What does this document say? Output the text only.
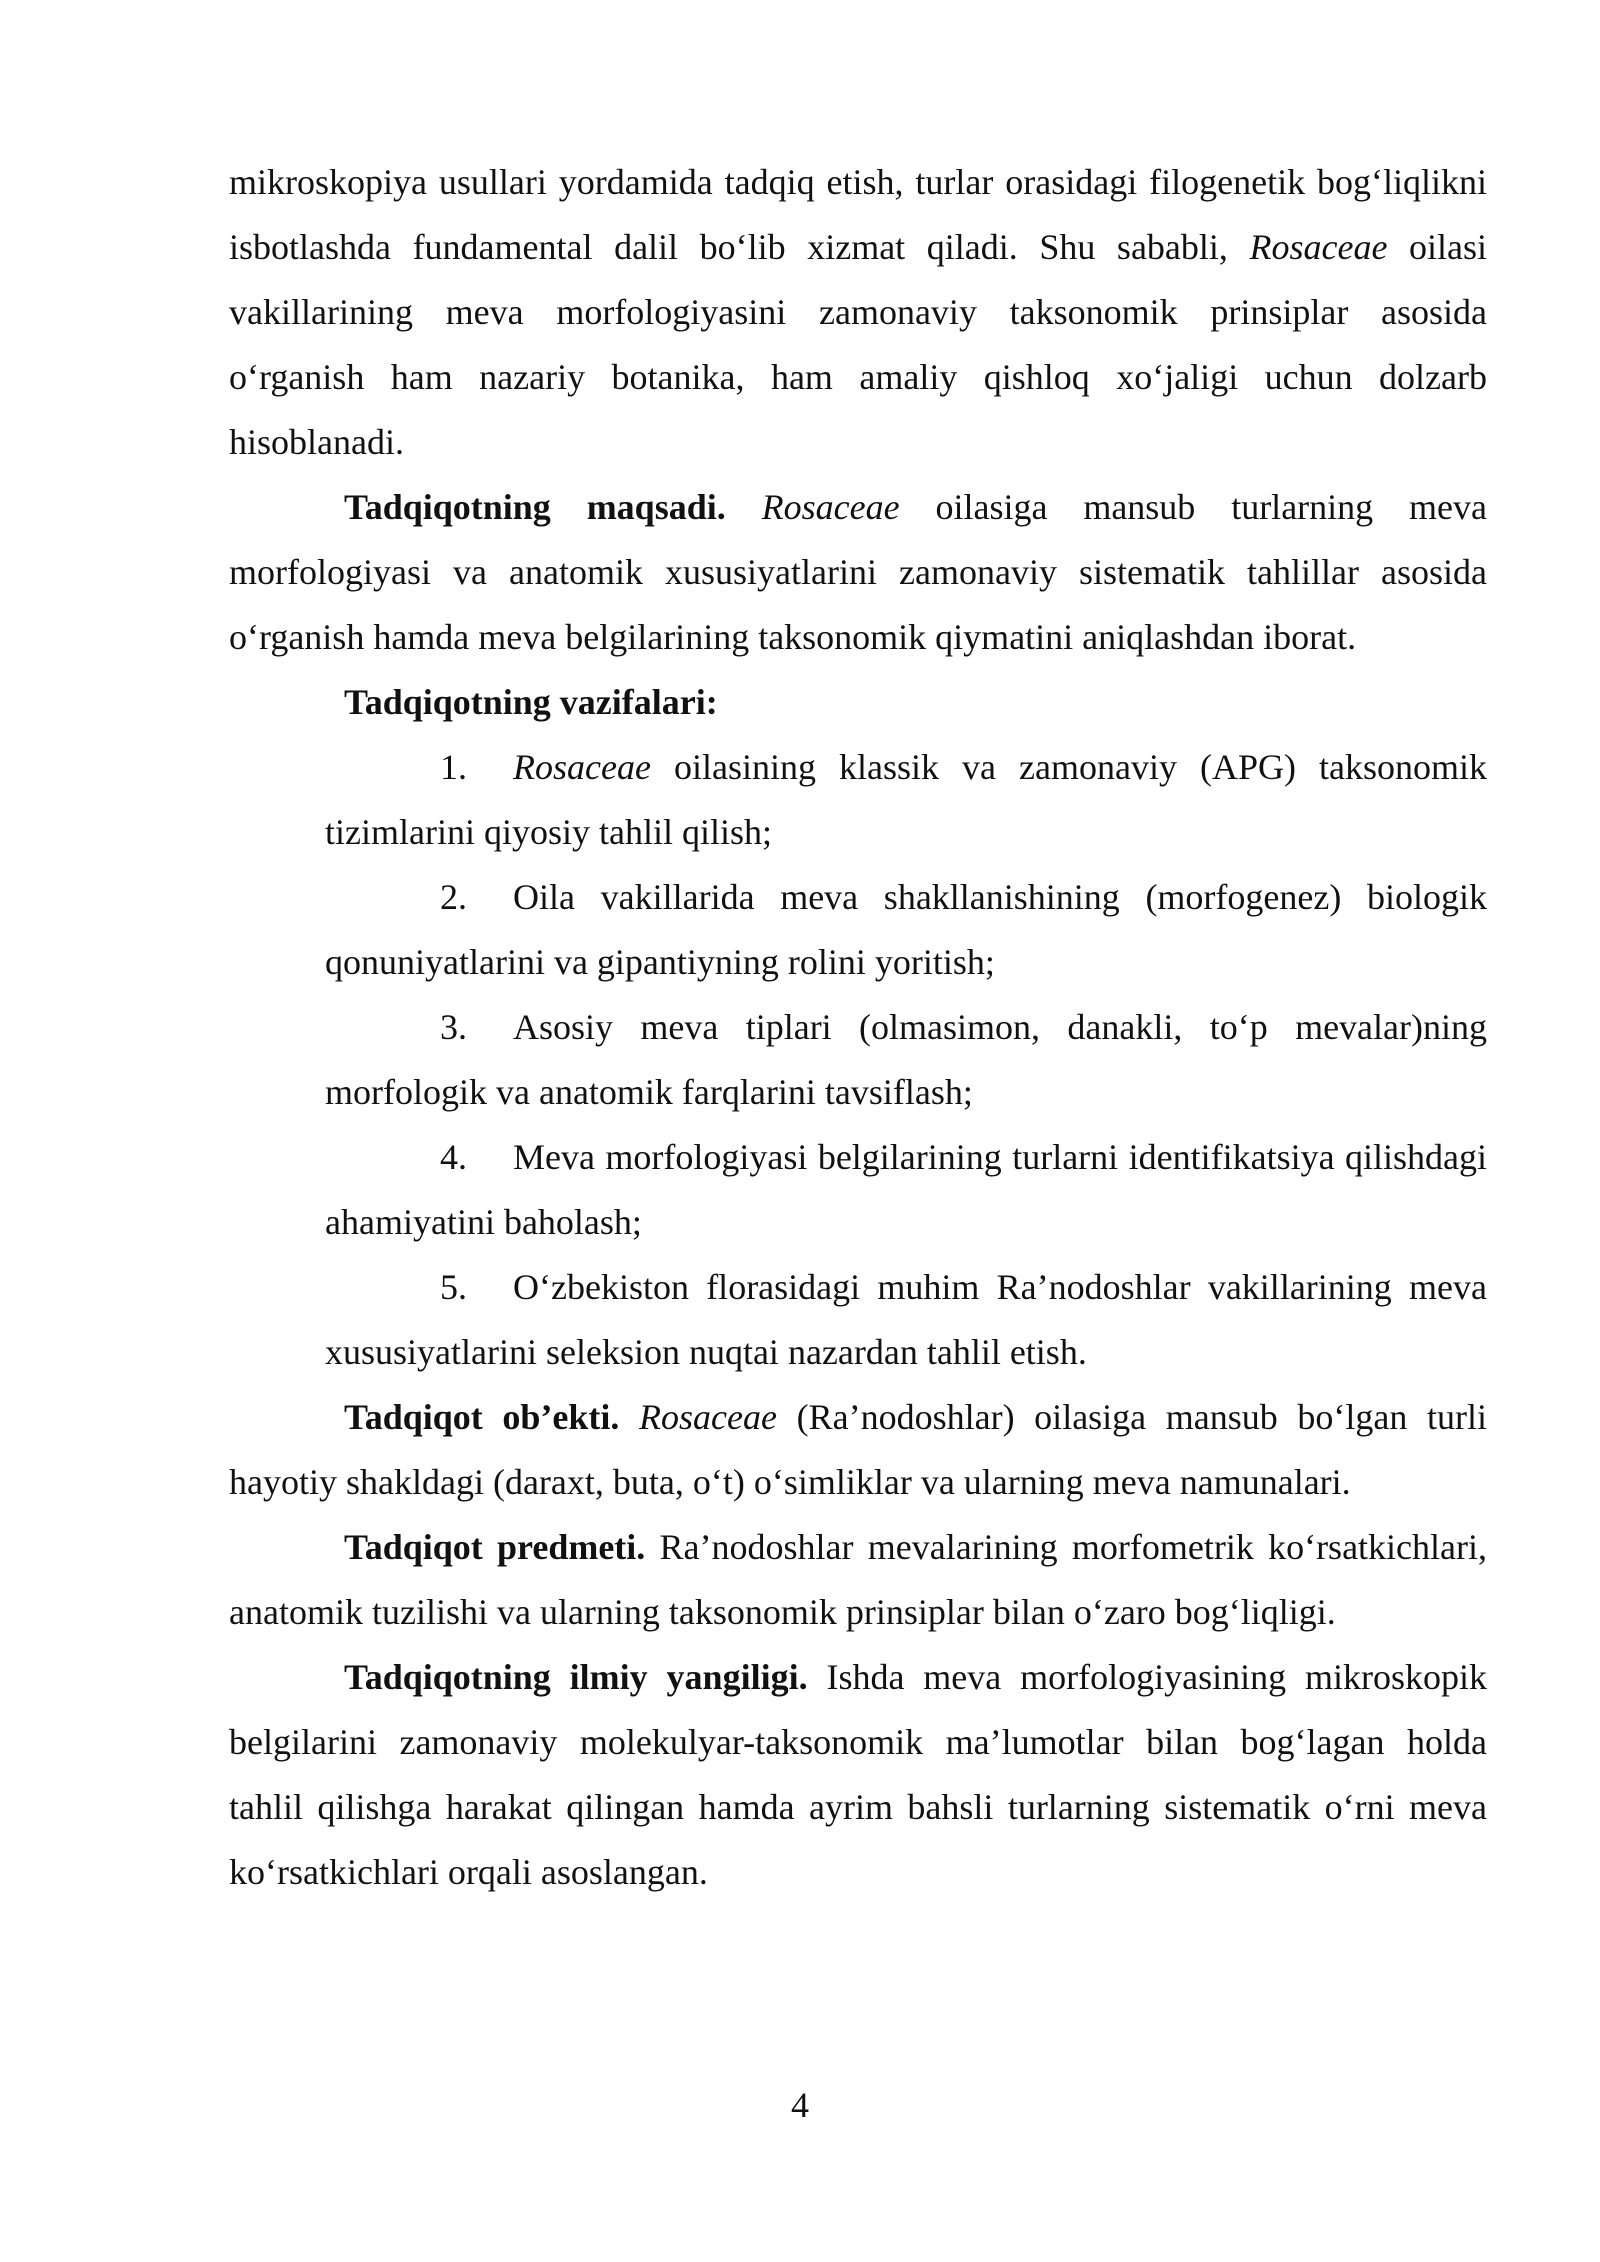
mikroskopiya usullari yordamida tadqiq etish, turlar orasidagi filogenetik bog‘liqlikni isbotlashda fundamental dalil bo‘lib xizmat qiladi. Shu sababli, Rosaceae oilasi vakillarining meva morfologiyasini zamonaviy taksonomik prinsiplar asosida o‘rganish ham nazariy botanika, ham amaliy qishloq xo‘jaligi uchun dolzarb hisoblanadi.

Tadqiqotning maqsadi. Rosaceae oilasiga mansub turlarning meva morfologiyasi va anatomik xususiyatlarini zamonaviy sistematik tahlillar asosida o‘rganish hamda meva belgilarining taksonomik qiymatini aniqlashdan iborat.

Tadqiqotning vazifalari:

1. Rosaceae oilasining klassik va zamonaviy (APG) taksonomik tizimlarini qiyosiy tahlil qilish;

2. Oila vakillarida meva shakllanishining (morfogenez) biologik qonuniyatlarini va gipantiyning rolini yoritish;

3. Asosiy meva tiplari (olmasimon, danakli, to‘p mevalar)ning morfologik va anatomik farqlarini tavsiflash;

4. Meva morfologiyasi belgilarining turlarni identifikatsiya qilishdagi ahamiyatini baholash;

5. O‘zbekiston florasidagi muhim Ra’nodoshlar vakillarining meva xususiyatlarini seleksion nuqtai nazardan tahlil etish.

Tadqiqot ob’ekti. Rosaceae (Ra’nodoshlar) oilasiga mansub bo‘lgan turli hayotiy shakldagi (daraxt, buta, o‘t) o‘simliklar va ularning meva namunalari.

Tadqiqot predmeti. Ra’nodoshlar mevalarining morfometrik ko‘rsatkichlari, anatomik tuzilishi va ularning taksonomik prinsiplar bilan o‘zaro bog‘liqligi.

Tadqiqotning ilmiy yangiligi. Ishda meva morfologiyasining mikroskopik belgilarini zamonaviy molekulyar-taksonomik ma’lumotlar bilan bog‘lagan holda tahlil qilishga harakat qilingan hamda ayrim bahsli turlarning sistematik o‘rni meva ko‘rsatkichlari orqali asoslangan.

4
